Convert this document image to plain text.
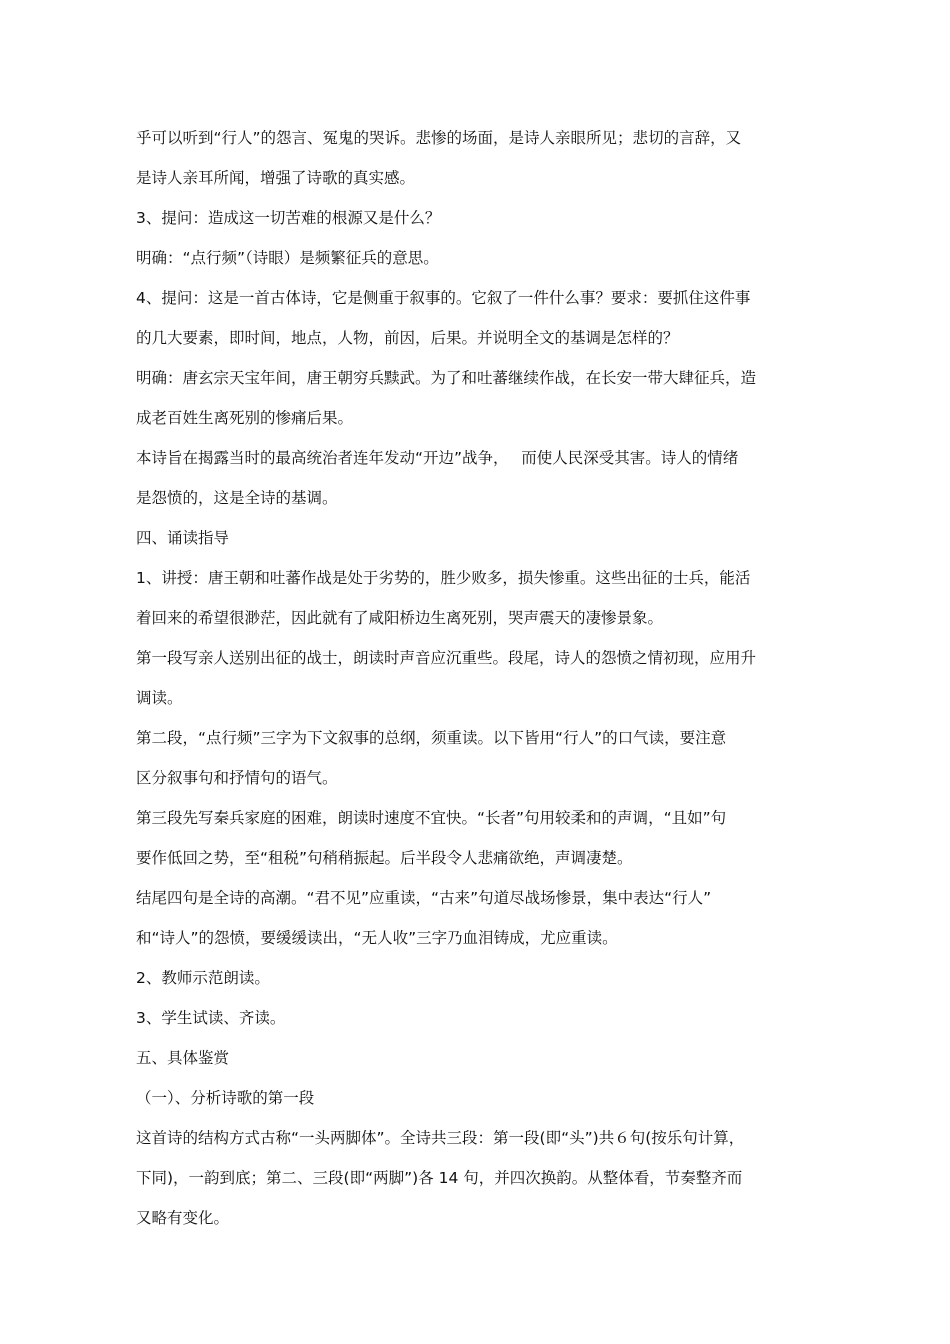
乎可以听到“行人”的怨言、冤鬼的哭诉。悲惨的场面，是诗人亲眼所见；悲切的言辞，又
是诗人亲耳所闻，增强了诗歌的真实感。

3、提问：造成这一切苦难的根源又是什么？

明确：“点行频”（诗眼）是频繁征兵的意思。

4、提问：这是一首古体诗，它是侧重于叙事的。它叙了一件什么事？要求：要抓住这件事
的几大要素，即时间，地点，人物，前因，后果。并说明全文的基调是怎样的？

明确：唐玄宗天宝年间，唐王朝穷兵黩武。为了和吐蕃继续作战，在长安一带大肆征兵，造
成老百姓生离死别的惨痛后果。

本诗旨在揭露当时的最高统治者连年发动“开边”战争，　 而使人民深受其害。诗人的情绪
是怨愤的，这是全诗的基调。

四、诵读指导

1、讲授：唐王朝和吐蕃作战是处于劣势的，胜少败多，损失惨重。这些出征的士兵，能活
着回来的希望很渺茫，因此就有了咸阳桥边生离死别，哭声震天的凄惨景象。

第一段写亲人送别出征的战士，朗读时声音应沉重些。段尾，诗人的怨愤之情初现，应用升
调读。

第二段，“点行频”三字为下文叙事的总纲，须重读。以下皆用“行人”的口气读，要注意
区分叙事句和抒情句的语气。

第三段先写秦兵家庭的困难，朗读时速度不宜快。“长者”句用较柔和的声调，“且如”句
要作低回之势，至“租税”句稍稍振起。后半段令人悲痛欲绝，声调凄楚。

结尾四句是全诗的高潮。“君不见”应重读，“古来”句道尽战场惨景，集中表达“行人”
和“诗人”的怨愤，要缓缓读出，“无人收”三字乃血泪铸成，尤应重读。

2、教师示范朗读。

3、学生试读、齐读。

五、具体鉴赏

（一）、分析诗歌的第一段

这首诗的结构方式古称“一头两脚体”。全诗共三段：第一段(即“头”)共６句(按乐句计算，
下同)，一韵到底；第二、三段(即“两脚”)各 14 句，并四次换韵。从整体看，节奏整齐而
又略有变化。
